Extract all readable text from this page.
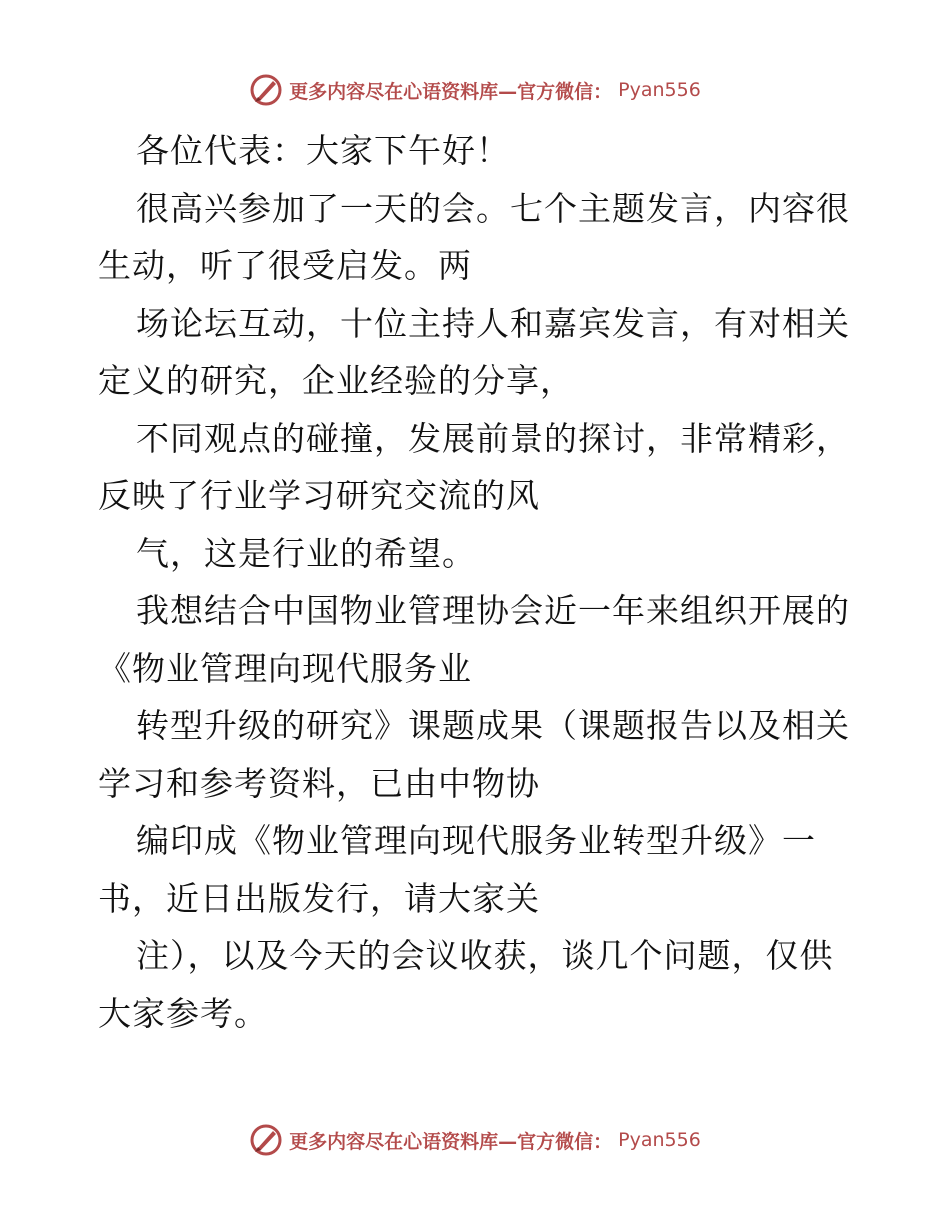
更多内容尽在心语资料库—官方微信： Pyan556

各位代表：大家下午好！

很高兴参加了一天的会。七个主题发言，内容很生动，听了很受启发。两

场论坛互动，十位主持人和嘉宾发言，有对相关定义的研究，企业经验的分享，

不同观点的碰撞，发展前景的探讨，非常精彩，反映了行业学习研究交流的风

气，这是行业的希望。

我想结合中国物业管理协会近一年来组织开展的《物业管理向现代服务业

转型升级的研究》课题成果（课题报告以及相关学习和参考资料，已由中物协

编印成《物业管理向现代服务业转型升级》一书，近日出版发行，请大家关

注），以及今天的会议收获，谈几个问题，仅供大家参考。

更多内容尽在心语资料库—官方微信： Pyan556
